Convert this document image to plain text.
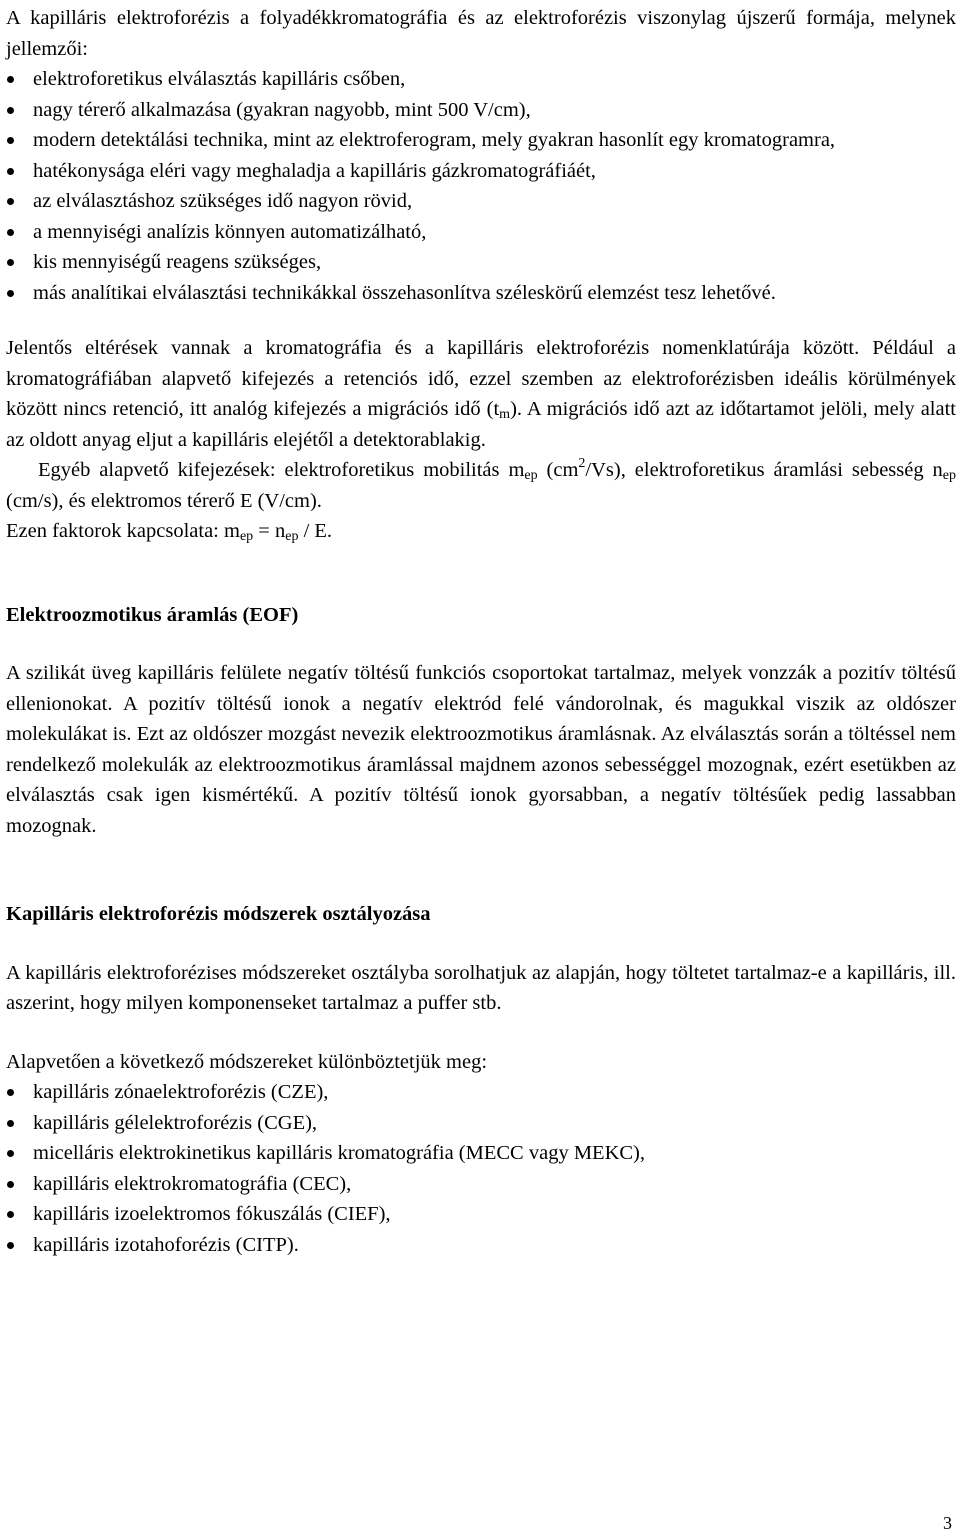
A kapilláris elektroforézis a folyadékkromatográfia és az elektroforézis viszonylag újszerű formája, melynek jellemzői:

elektroforetikus elválasztás kapilláris csőben,
nagy térerő alkalmazása (gyakran nagyobb, mint 500 V/cm),
modern detektálási technika, mint az elektroferogram, mely gyakran hasonlít egy kromatogramra,
hatékonysága eléri vagy meghaladja a kapilláris gázkromatográfiáét,
az elválasztáshoz szükséges idő nagyon rövid,
a mennyiségi analízis könnyen automatizálható,
kis mennyiségű reagens szükséges,
más analítikai elválasztási technikákkal összehasonlítva széleskörű elemzést tesz lehetővé.

Jelentős eltérések vannak a kromatográfia és a kapilláris elektroforézis nomenklatúrája között. Például a kromatográfiában alapvető kifejezés a retenciós idő, ezzel szemben az elektroforézisben ideális körülmények között nincs retenció, itt analóg kifejezés a migrációs idő $(t_m)$. A migrációs idő azt az időtartamot jelöli, mely alatt az oldott anyag eljut a kapilláris elejétől a detektorablakig.

Egyéb alapvető kifejezések: elektroforetikus mobilitás $m_{ep}$ $(cm^2/Vs)$, elektroforetikus áramlási sebesség $n_{ep}$ (cm/s), és elektromos térerő E (V/cm).

Ezen faktorok kapcsolata: $m_{ep} = n_{ep} / E$.

Elektroozmotikus áramlás (EOF)

A szilikát üveg kapilláris felülete negatív töltésű funkciós csoportokat tartalmaz, melyek vonzzák a pozitív töltésű ellenionokat. A pozitív töltésű ionok a negatív elektród felé vándorolnak, és magukkal viszik az oldószer molekulákat is. Ezt az oldószer mozgást nevezik elektroozmotikus áramlásnak. Az elválasztás során a töltéssel nem rendelkező molekulák az elektroozmotikus áramlással majdnem azonos sebességgel mozognak, ezért esetükben az elválasztás csak igen kismértékű. A pozitív töltésű ionok gyorsabban, a negatív töltésűek pedig lassabban mozognak.

Kapilláris elektroforézis módszerek osztályozása

A kapilláris elektroforézises módszereket osztályba sorolhatjuk az alapján, hogy töltetet tartalmaz-e a kapilláris, ill. aszerint, hogy milyen komponenseket tartalmaz a puffer stb.

Alapvetően a következő módszereket különböztetjük meg:

kapilláris zónaelektroforézis (CZE),
kapilláris gélelektroforézis (CGE),
micelláris elektrokinetikus kapilláris kromatográfia (MECC vagy MEKC),
kapilláris elektrokromatográfia (CEC),
kapilláris izoelektromos fókuszálás (CIEF),
kapilláris izotahoforézis (CITP).
3
